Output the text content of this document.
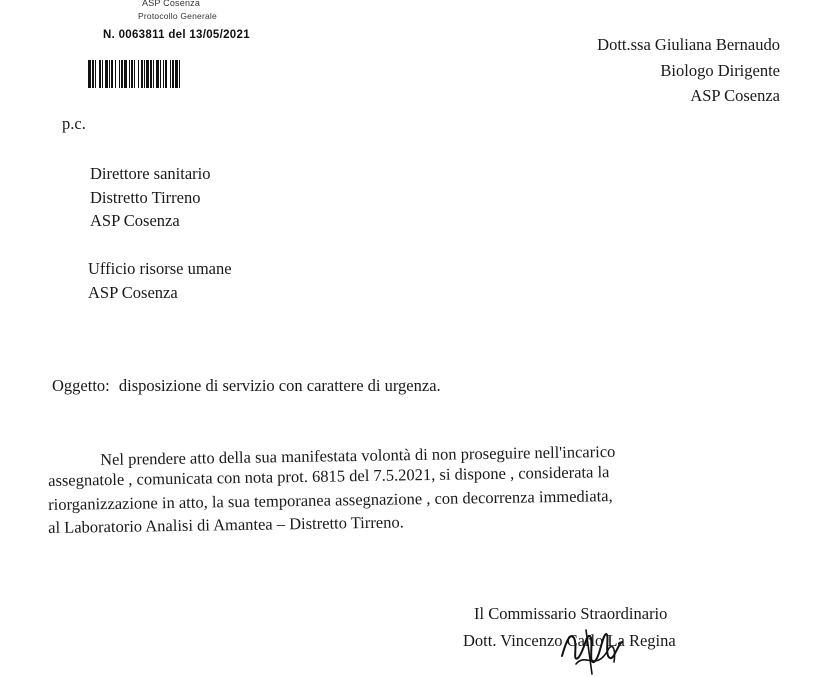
ASP Cosenza
Protocollo Generale
N. 0063811 del 13/05/2021	Dott.ssa Giuliana Bernaudo
Biologo Dirigente
ASP Cosenza
p.c.
Direttore sanitario
Distretto Tirreno
ASP Cosenza
Ufficio risorse umane
ASP Cosenza
Oggetto: disposizione di servizio con carattere di urgenza.
Nel prendere atto della sua manifestata volontà di non proseguire nell'incarico
assegnatole , comunicata con nota prot. 6815 del 7.5.2021, si dispone , considerata la
riorganizzazione in atto, la sua temporanea assegnazione , con decorrenza immediata,
al Laboratorio Analisi di Amantea – Distretto Tirreno.
Il Commissario Straordinario
Dott. Vincenzo Carlo La Regina
